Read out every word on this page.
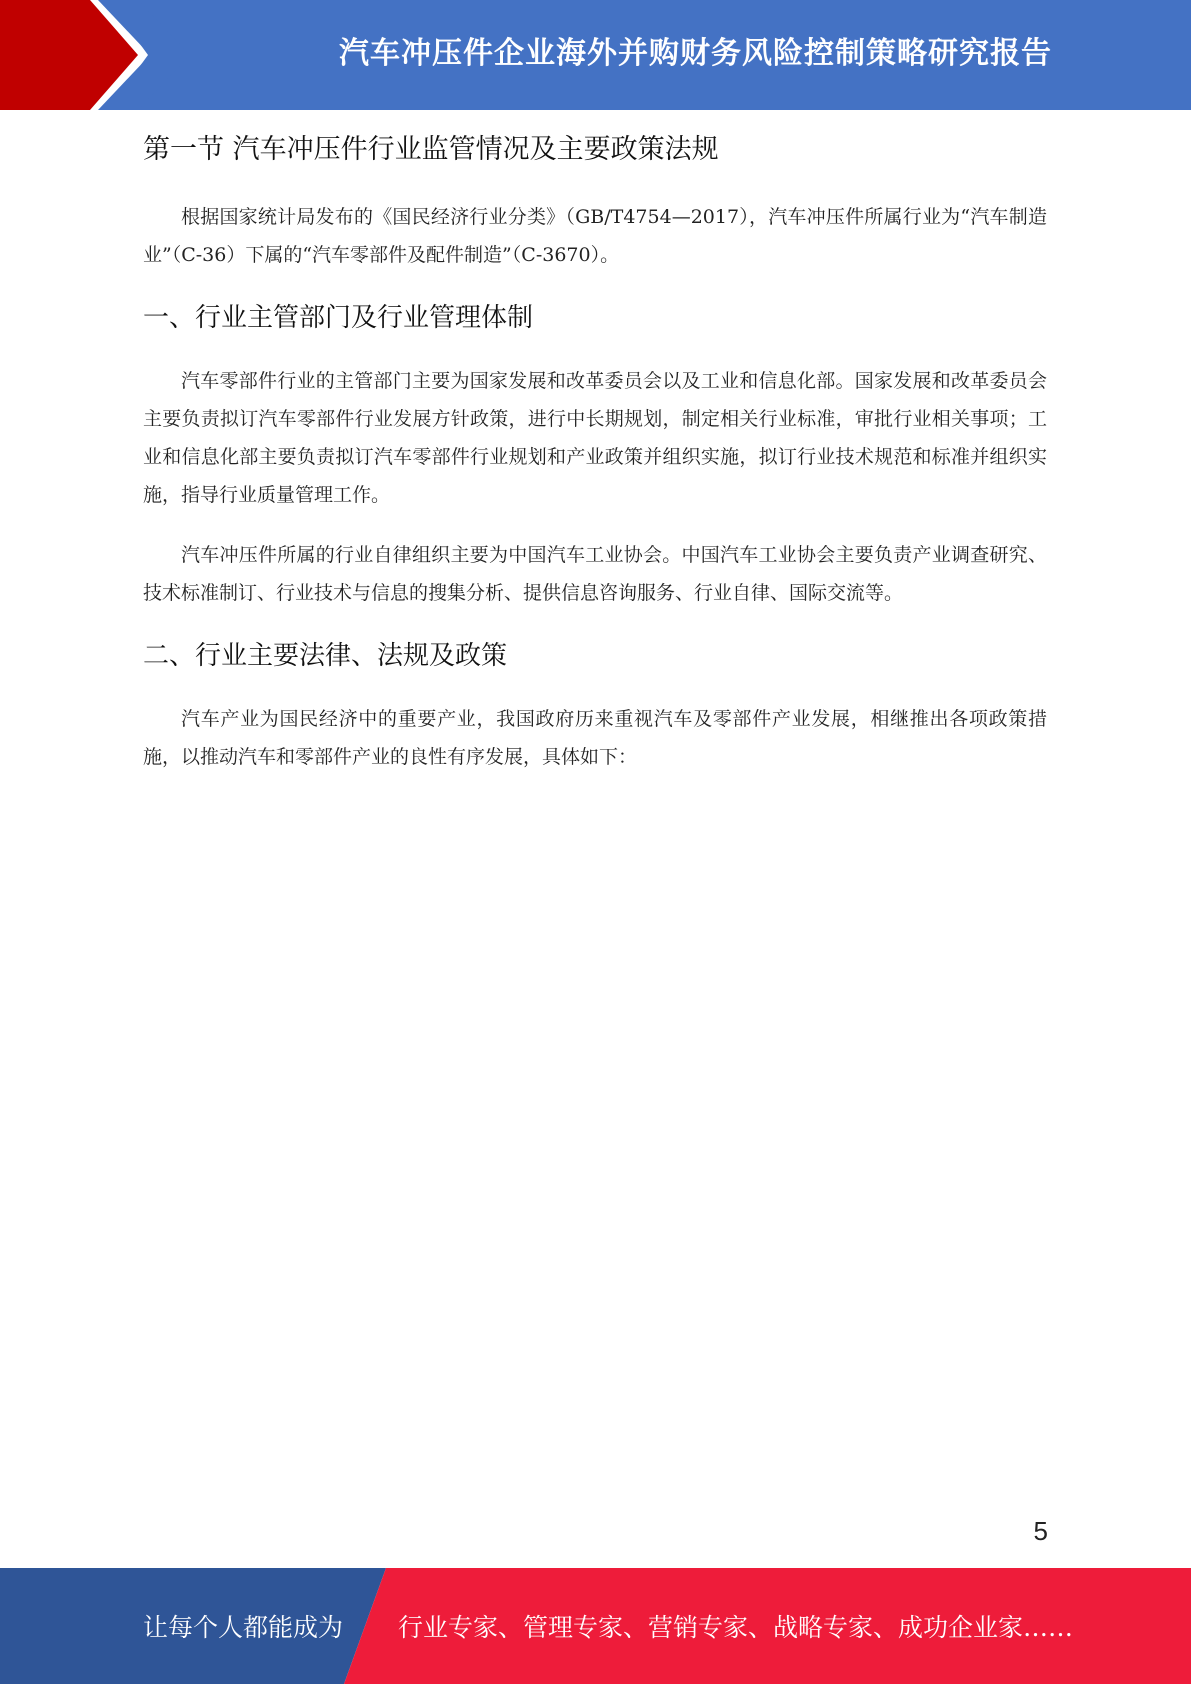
汽车冲压件企业海外并购财务风险控制策略研究报告
第一节 汽车冲压件行业监管情况及主要政策法规

根据国家统计局发布的《国民经济行业分类》（GB/T4754—2017），汽车冲压件所属行业为“汽车制造业”（C-36）下属的“汽车零部件及配件制造”（C-3670）。

一、行业主管部门及行业管理体制

汽车零部件行业的主管部门主要为国家发展和改革委员会以及工业和信息化部。国家发展和改革委员会主要负责拟订汽车零部件行业发展方针政策，进行中长期规划，制定相关行业标准，审批行业相关事项；工业和信息化部主要负责拟订汽车零部件行业规划和产业政策并组织实施，拟订行业技术规范和标准并组织实施，指导行业质量管理工作。

汽车冲压件所属的行业自律组织主要为中国汽车工业协会。中国汽车工业协会主要负责产业调查研究、技术标准制订、行业技术与信息的搜集分析、提供信息咨询服务、行业自律、国际交流等。

二、行业主要法律、法规及政策

汽车产业为国民经济中的重要产业，我国政府历来重视汽车及零部件产业发展，相继推出各项政策措施，以推动汽车和零部件产业的良性有序发展，具体如下：

5
让每个人都能成为 行业专家、管理专家、营销专家、战略专家、成功企业家……
